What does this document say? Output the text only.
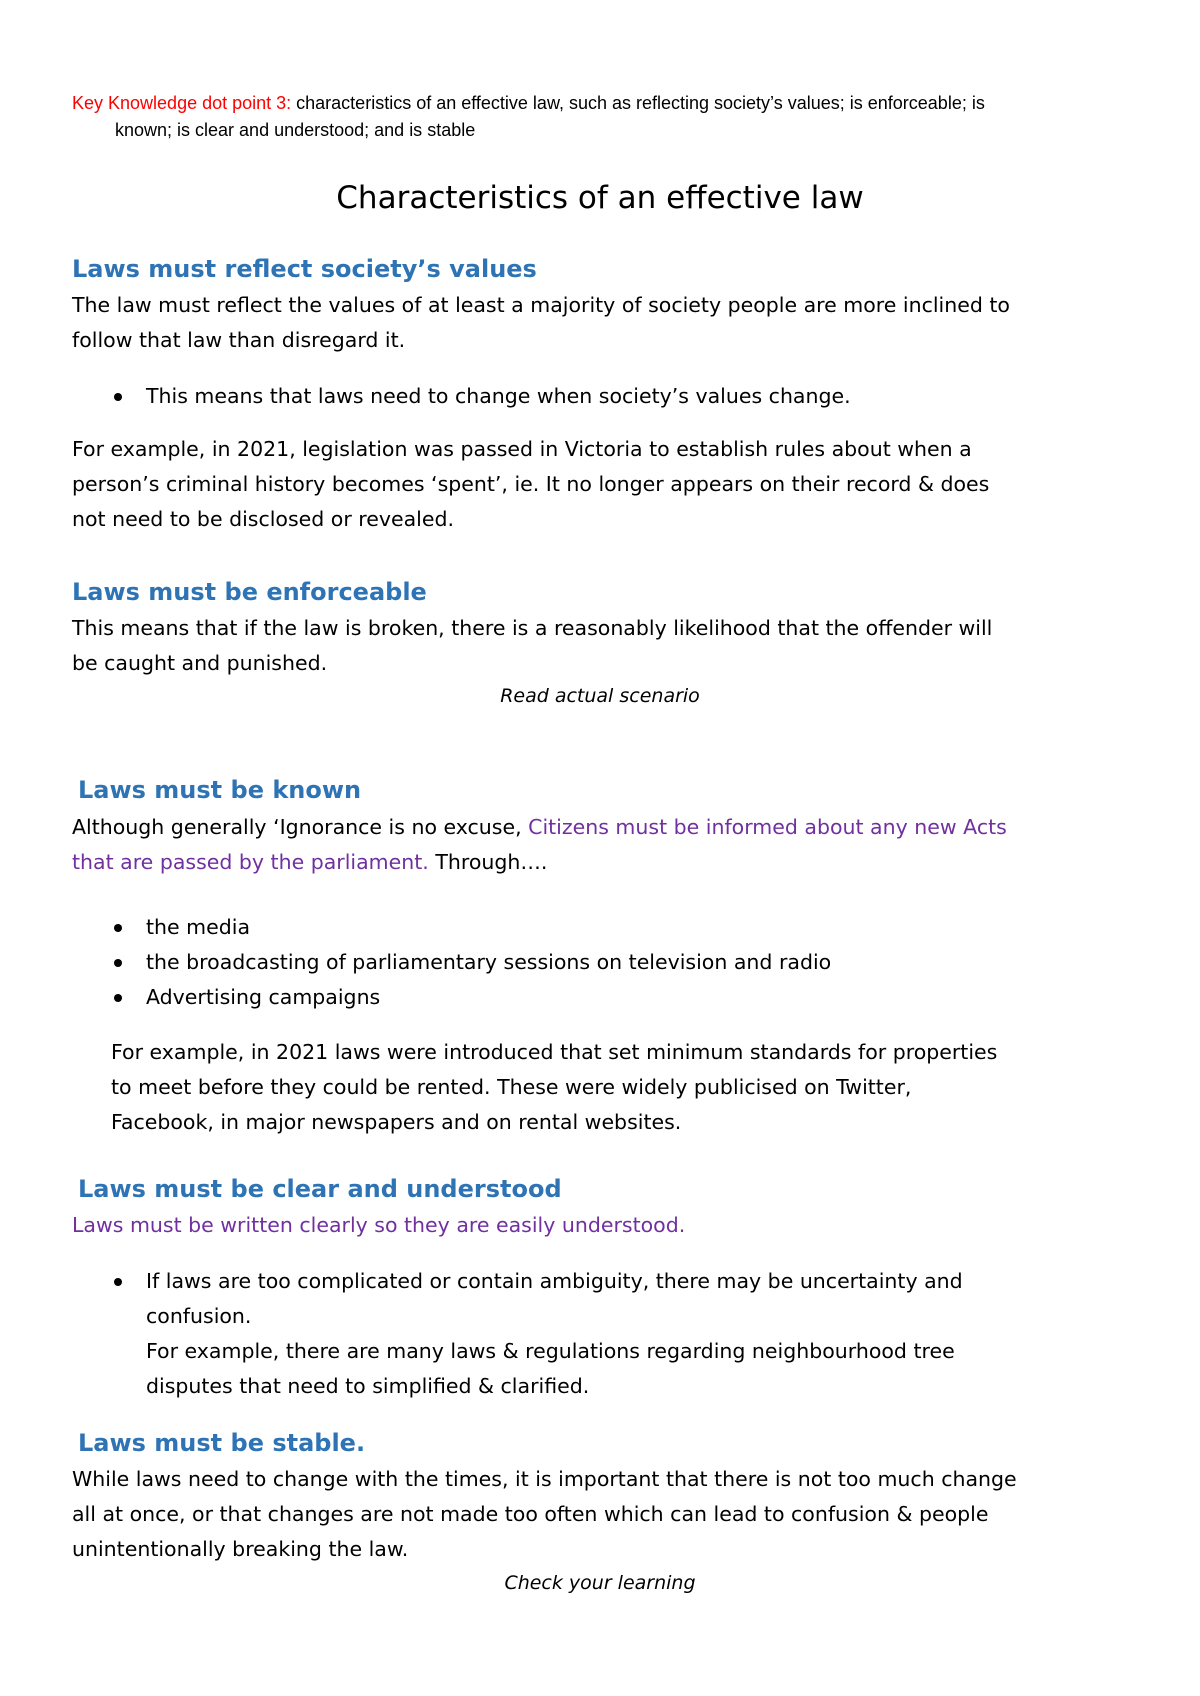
Key Knowledge dot point 3: characteristics of an effective law, such as reflecting society’s values; is enforceable; is
known; is clear and understood; and is stable
Characteristics of an effective law
Laws must reflect society’s values
The law must reflect the values of at least a majority of society people are more inclined to
follow that law than disregard it.
This means that laws need to change when society’s values change.
For example, in 2021, legislation was passed in Victoria to establish rules about when a
person’s criminal history becomes ‘spent’, ie. It no longer appears on their record & does
not need to be disclosed or revealed.
Laws must be enforceable
This means that if the law is broken, there is a reasonably likelihood that the offender will
be caught and punished.
Read actual scenario
Laws must be known
Although generally ‘Ignorance is no excuse, Citizens must be informed about any new Acts
that are passed by the parliament. Through….
the media
the broadcasting of parliamentary sessions on television and radio
Advertising campaigns
For example, in 2021 laws were introduced that set minimum standards for properties
to meet before they could be rented. These were widely publicised on Twitter,
Facebook, in major newspapers and on rental websites.
Laws must be clear and understood
Laws must be written clearly so they are easily understood.
If laws are too complicated or contain ambiguity, there may be uncertainty and
confusion.
For example, there are many laws & regulations regarding neighbourhood tree
disputes that need to simplified & clarified.
Laws must be stable.
While laws need to change with the times, it is important that there is not too much change
all at once, or that changes are not made too often which can lead to confusion & people
unintentionally breaking the law.
Check your learning
